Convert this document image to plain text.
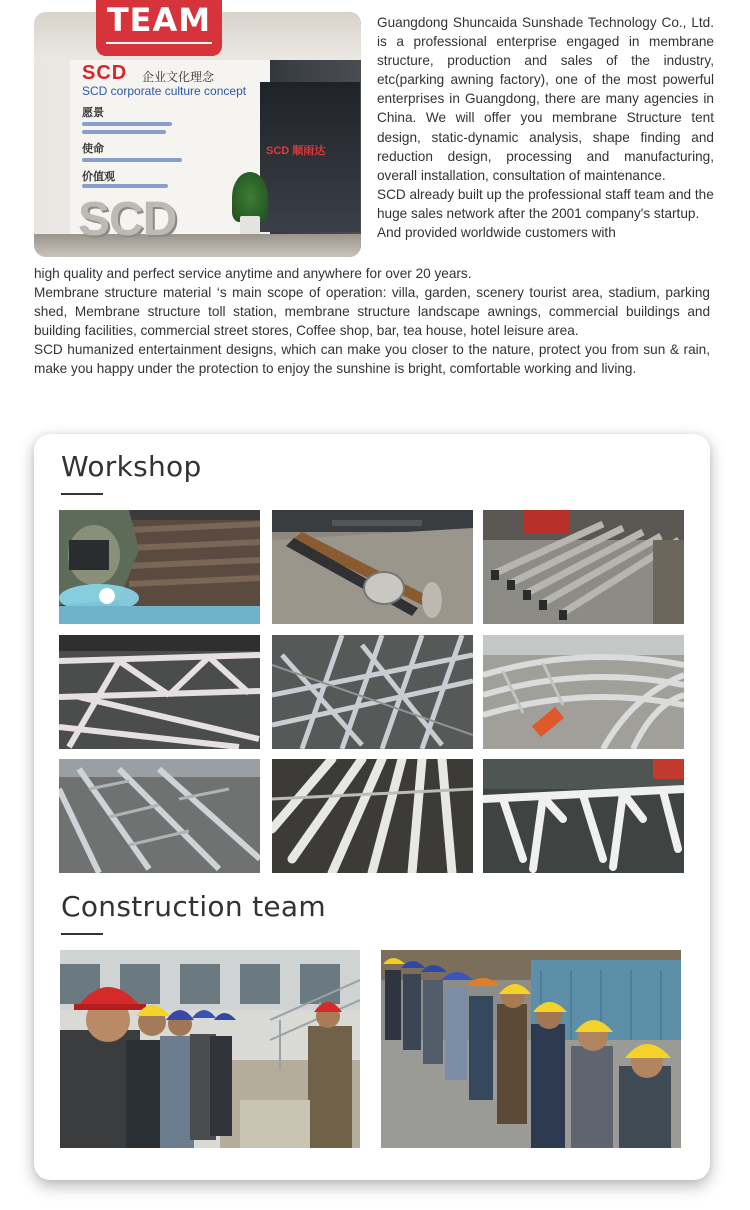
SCD 企业文化理念
SCD corporate culture concept
愿景
使命
价值观
SCD 顺雨达
SCD
TEAM	Guangdong Shuncaida Sunshade Technology Co., Ltd. is a professional enterprise engaged in membrane structure, production and sales of the industry, etc(parking awning factory), one of the most powerful enterprises in Guangdong, there are many agencies in China. We will offer you membrane Structure tent design, static-dynamic analysis, shape finding and reduction design, processing and manufacturing, overall installation, consultation of maintenance.

SCD already built up the professional staff team and the huge sales network after the 2001 company's startup. And provided worldwide customers with

high quality and perfect service anytime and anywhere for over 20 years.

Membrane structure material ‘s main scope of operation: villa, garden, scenery tourist area, stadium, parking shed, Membrane structure toll station, membrane structure landscape awnings, commercial buildings and building facilities, commercial street stores, Coffee shop, bar, tea house, hotel leisure area.

SCD humanized entertainment designs, which can make you closer to the nature, protect you from sun & rain, make you happy under the protection to enjoy the sunshine is bright, comfortable working and living.

Workshop
Construction team
